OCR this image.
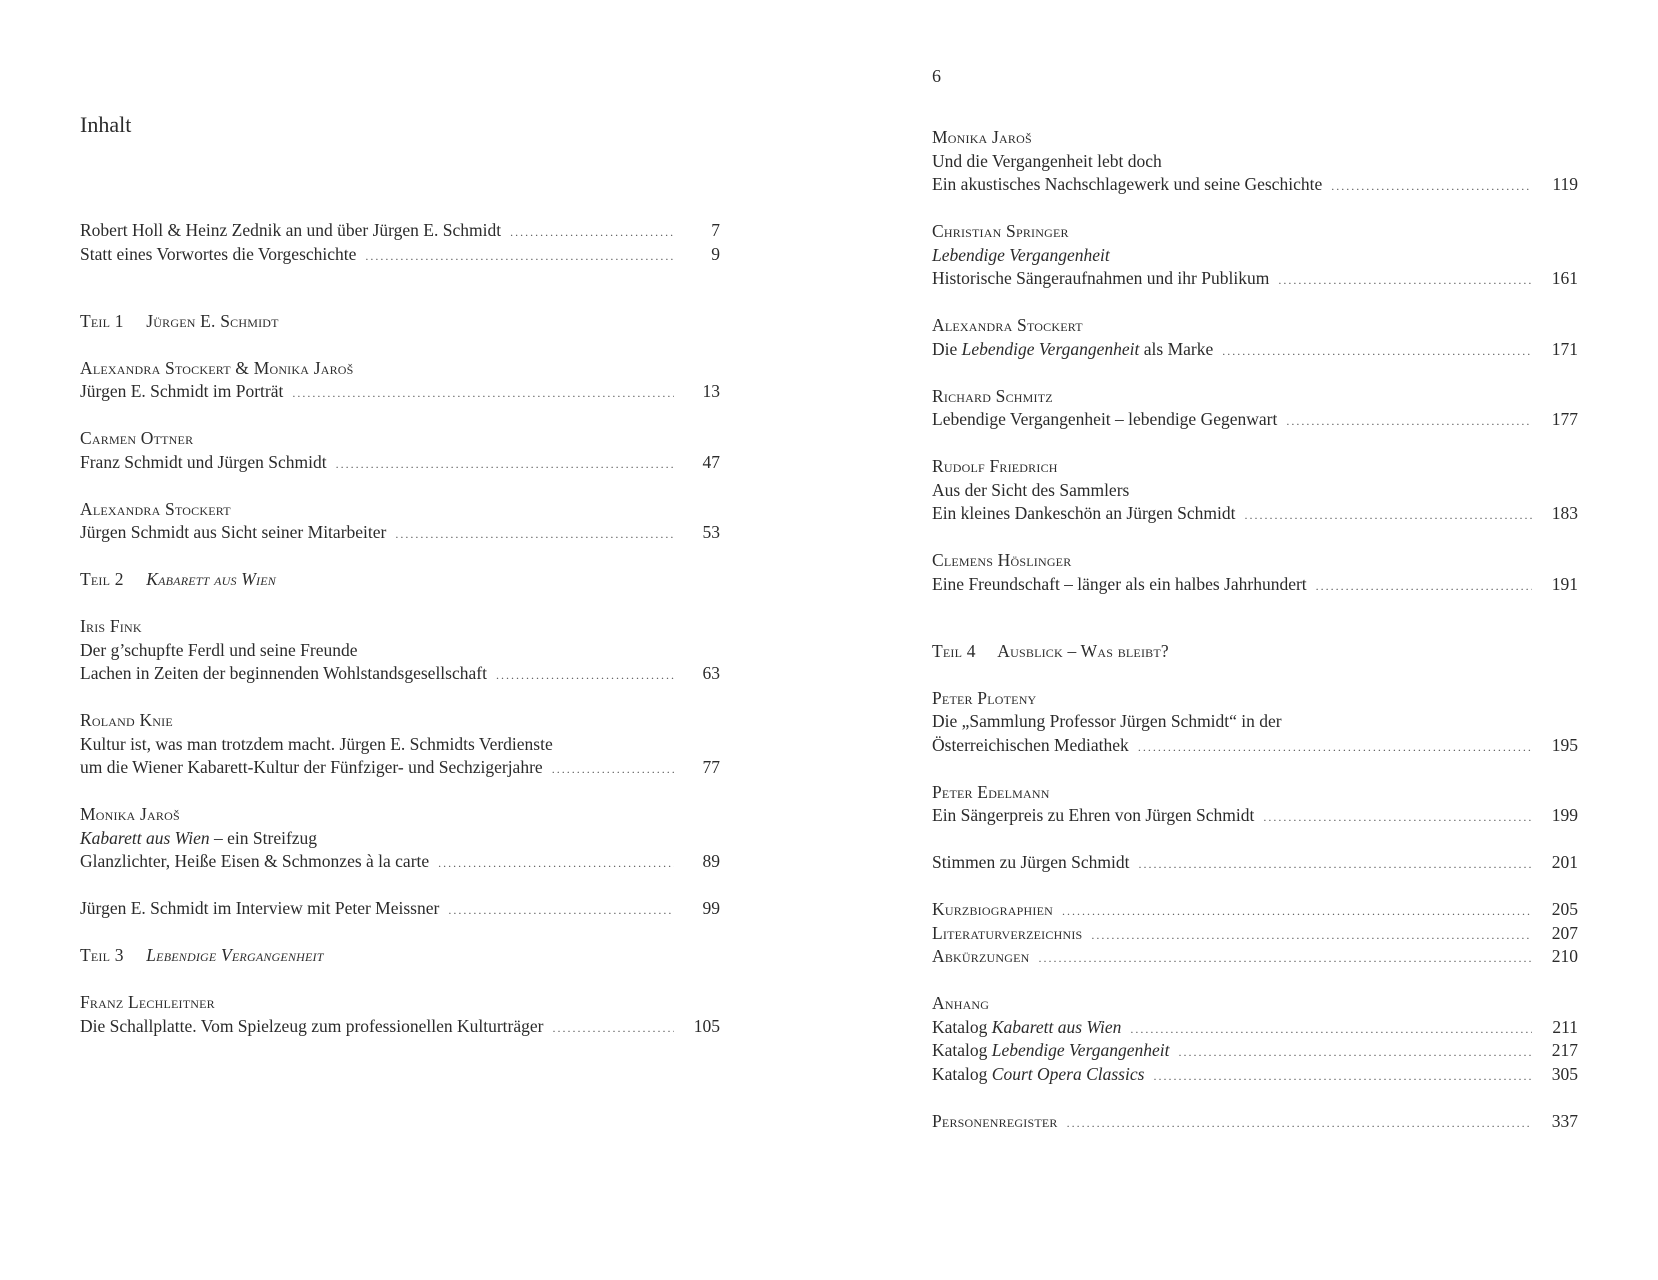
Inhalt
Robert Holl & Heinz Zednik an und über Jürgen E. Schmidt .....	7
Statt eines Vorwortes die Vorgeschichte .....	9
Teil 1 Jürgen E. Schmidt
Alexandra Stockert & Monika Jaroš
Jürgen E. Schmidt im Porträt .....	13
Carmen Ottner
Franz Schmidt und Jürgen Schmidt .....	47
Alexandra Stockert
Jürgen Schmidt aus Sicht seiner Mitarbeiter .....	53
Teil 2 Kabarett aus Wien
Iris Fink
Der g’schupfte Ferdl und seine Freunde
Lachen in Zeiten der beginnenden Wohlstandsgesellschaft .....	63
Roland Knie
Kultur ist, was man trotzdem macht. Jürgen E. Schmidts Verdienste
um die Wiener Kabarett-Kultur der Fünfziger- und Sechzigerjahre .....	77
Monika Jaroš
Kabarett aus Wien – ein Streifzug
Glanzlichter, Heiße Eisen & Schmonzes à la carte .....	89
Jürgen E. Schmidt im Interview mit Peter Meissner .....	99
Teil 3 Lebendige Vergangenheit
Franz Lechleitner
Die Schallplatte. Vom Spielzeug zum professionellen Kulturträger .....	105
6
Monika Jaroš
Und die Vergangenheit lebt doch
Ein akustisches Nachschlagewerk und seine Geschichte .....	119
Christian Springer
Lebendige Vergangenheit
Historische Sängeraufnahmen und ihr Publikum .....	161
Alexandra Stockert
Die Lebendige Vergangenheit als Marke .....	171
Richard Schmitz
Lebendige Vergangenheit – lebendige Gegenwart .....	177
Rudolf Friedrich
Aus der Sicht des Sammlers
Ein kleines Dankeschön an Jürgen Schmidt .....	183
Clemens Höslinger
Eine Freundschaft – länger als ein halbes Jahrhundert .....	191
Teil 4 Ausblick – Was bleibt?
Peter Ploteny
Die „Sammlung Professor Jürgen Schmidt“ in der
Österreichischen Mediathek .....	195
Peter Edelmann
Ein Sängerpreis zu Ehren von Jürgen Schmidt .....	199
Stimmen zu Jürgen Schmidt .....	201
Kurzbiographien .....	205
Literaturverzeichnis .....	207
Abkürzungen .....	210
Anhang
Katalog Kabarett aus Wien .....	211
Katalog Lebendige Vergangenheit .....	217
Katalog Court Opera Classics .....	305
Personenregister .....	337
